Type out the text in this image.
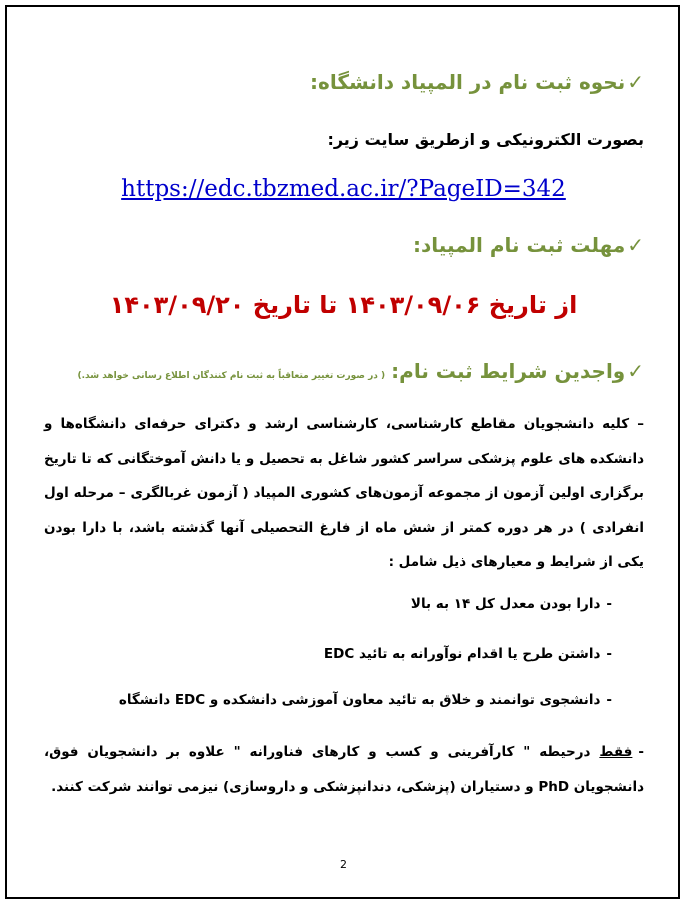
✓نحوه ثبت نام در المپیاد دانشگاه:
بصورت الکترونیکی و ازطریق سایت زیر:
https://edc.tbzmed.ac.ir/?PageID=342
✓مهلت ثبت نام المپیاد:
از تاریخ ۱۴۰۳/۰۹/۰۶ تا تاریخ ۱۴۰۳/۰۹/۲۰
✓واجدین شرایط ثبت نام:( در صورت تغییر متعاقباً به ثبت نام کنندگان اطلاع رسانی خواهد شد.)
– کلیه دانشجویان مقاطع کارشناسی، کارشناسی ارشد و دکترای حرفه‌ای دانشگاه‌ها و دانشکده های علوم پزشکی سراسر کشور شاغل به تحصیل و یا دانش آموختگانی که تا تاریخ برگزاری اولین آزمون از مجموعه آزمون‌های کشوری المپیاد ( آزمون غربالگری – مرحله اول انفرادی ) در هر دوره کمتر از شش ماه از فارغ التحصیلی آنها گذشته باشد، با دارا بودن یکی از شرایط و معیارهای ذیل شامل :
-دارا بودن معدل کل ۱۴ به بالا
-داشتن طرح یا اقدام نوآورانه به تائید EDC
-دانشجوی توانمند و خلاق به تائید معاون آموزشی دانشکده و EDC دانشگاه
-فقط درحیطه " کارآفرینی و کسب و کارهای فناورانه " علاوه بر دانشجویان فوق، دانشجویان PhD و دستیاران (پزشکی، دندانپزشکی و داروسازی) نیزمی توانند شرکت کنند.
2
